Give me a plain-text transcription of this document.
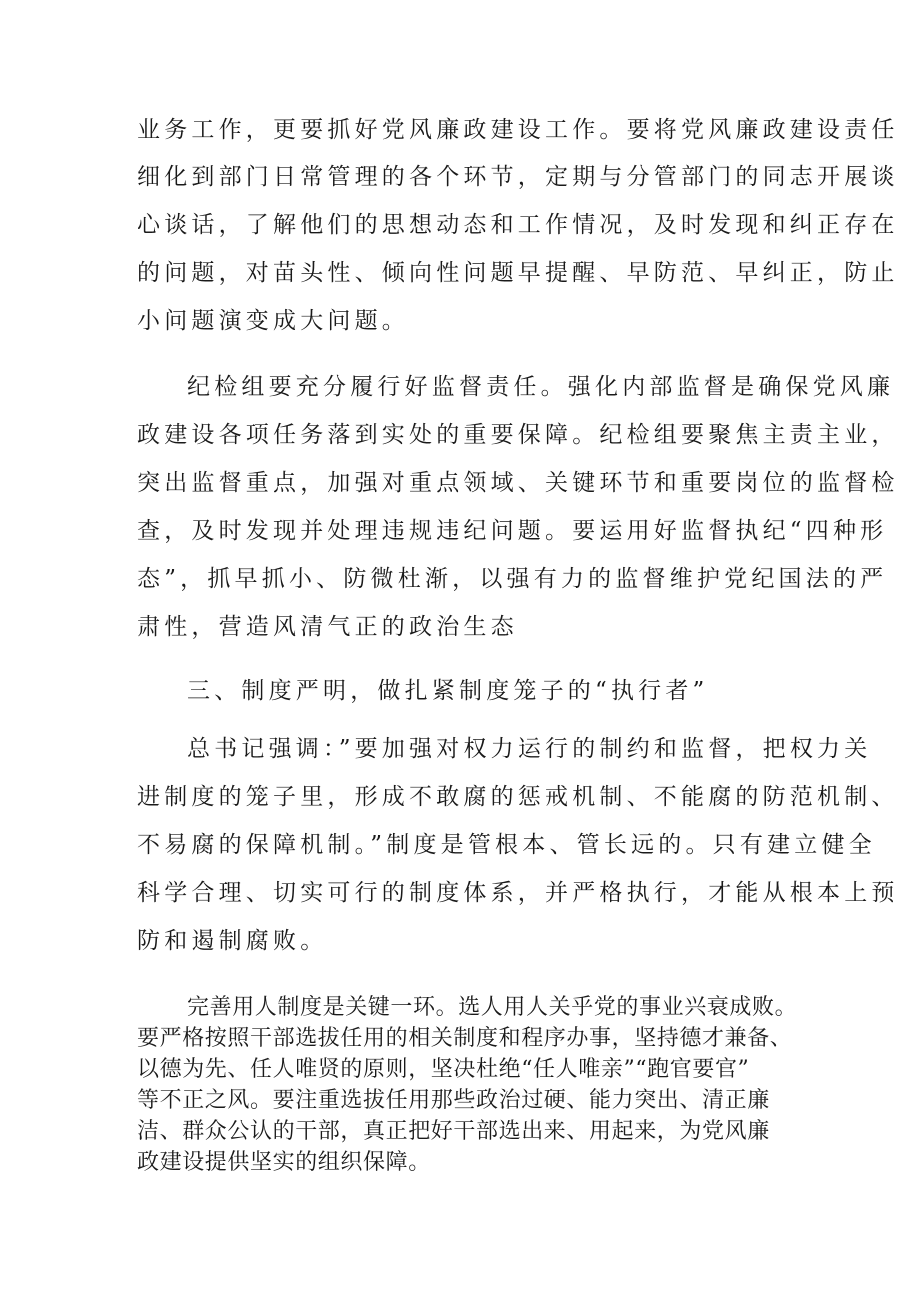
业务工作，更要抓好党风廉政建设工作。要将党风廉政建设责任
细化到部门日常管理的各个环节，定期与分管部门的同志开展谈
心谈话，了解他们的思想动态和工作情况，及时发现和纠正存在
的问题，对苗头性、倾向性问题早提醒、早防范、早纠正，防止
小问题演变成大问题。
纪检组要充分履行好监督责任。强化内部监督是确保党风廉
政建设各项任务落到实处的重要保障。纪检组要聚焦主责主业，
突出监督重点，加强对重点领域、关键环节和重要岗位的监督检
查，及时发现并处理违规违纪问题。要运用好监督执纪“四种形
态”，抓早抓小、防微杜渐，以强有力的监督维护党纪国法的严
肃性，营造风清气正的政治生态
三、制度严明，做扎紧制度笼子的“执行者”
总书记强调：”要加强对权力运行的制约和监督，把权力关
进制度的笼子里，形成不敢腐的惩戒机制、不能腐的防范机制、
不易腐的保障机制。”制度是管根本、管长远的。只有建立健全
科学合理、切实可行的制度体系，并严格执行，才能从根本上预
防和遏制腐败。
完善用人制度是关键一环。选人用人关乎党的事业兴衰成败。
要严格按照干部选拔任用的相关制度和程序办事，坚持德才兼备、
以德为先、任人唯贤的原则，坚决杜绝“任人唯亲”“跑官要官”
等不正之风。要注重选拔任用那些政治过硬、能力突出、清正廉
洁、群众公认的干部，真正把好干部选出来、用起来，为党风廉
政建设提供坚实的组织保障。
